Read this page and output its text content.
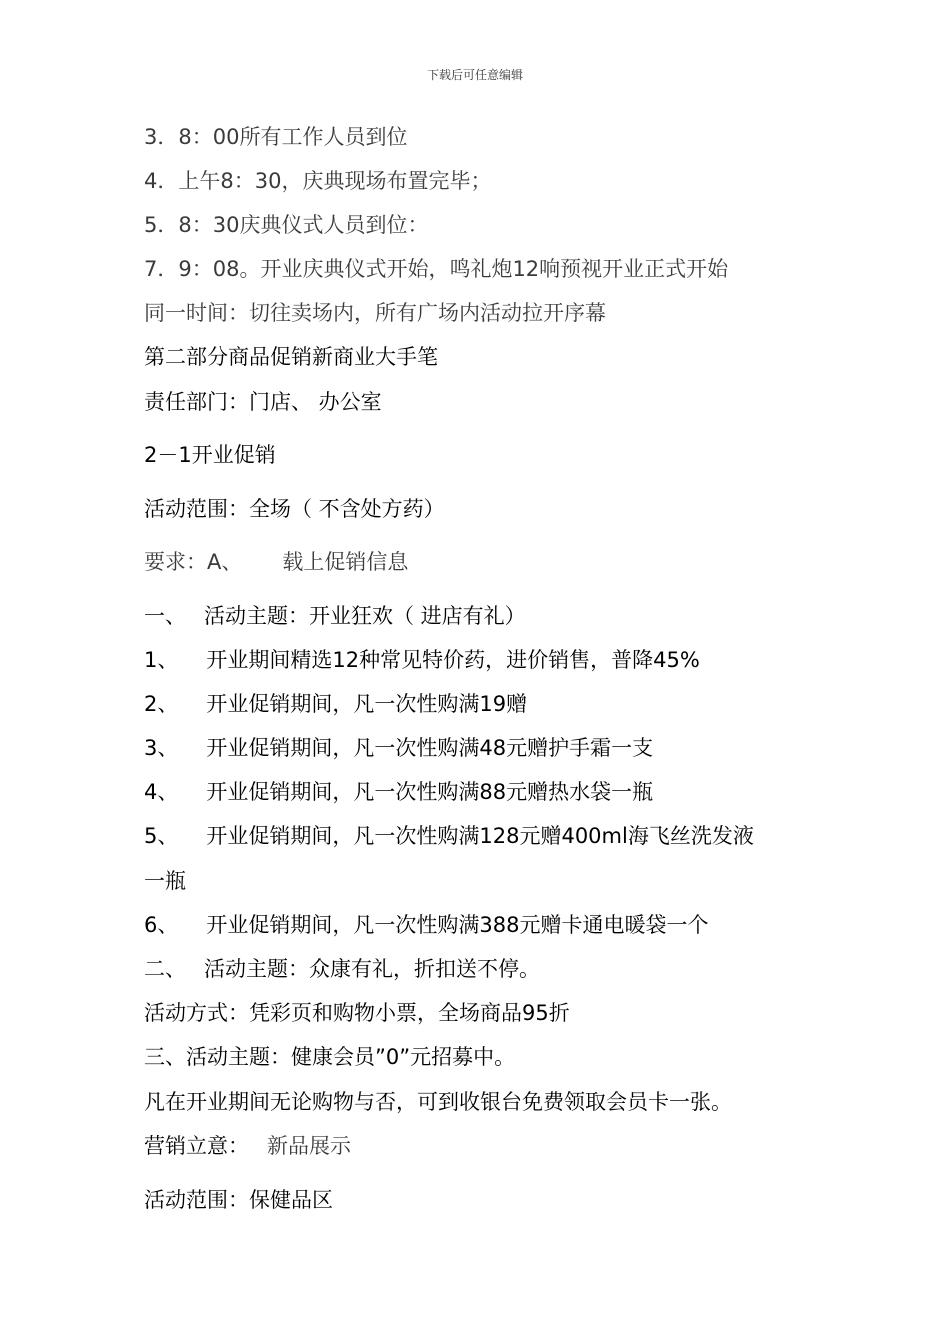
下载后可任意编辑
3．8：00所有工作人员到位
4．上午8：30，庆典现场布置完毕；
5．8：30庆典仪式人员到位：
7．9：08。开业庆典仪式开始，鸣礼炮12响预视开业正式开始
同一时间：切往卖场内，所有广场内活动拉开序幕
第二部分商品促销新商业大手笔
责任部门：门店、 办公室
2－1开业促销
活动范围：全场（ 不含处方药）
要求：A、 载上促销信息
一、 活动主题：开业狂欢（ 进店有礼）
1、 开业期间精选12种常见特价药，进价销售，普降45%
2、 开业促销期间，凡一次性购满19赠
3、 开业促销期间，凡一次性购满48元赠护手霜一支
4、 开业促销期间，凡一次性购满88元赠热水袋一瓶
5、 开业促销期间，凡一次性购满128元赠400ml海飞丝洗发液
一瓶
6、 开业促销期间，凡一次性购满388元赠卡通电暖袋一个
二、 活动主题：众康有礼，折扣送不停。
活动方式：凭彩页和购物小票，全场商品95折
三、活动主题：健康会员”0”元招募中。
凡在开业期间无论购物与否，可到收银台免费领取会员卡一张。
营销立意： 新品展示
活动范围：保健品区
